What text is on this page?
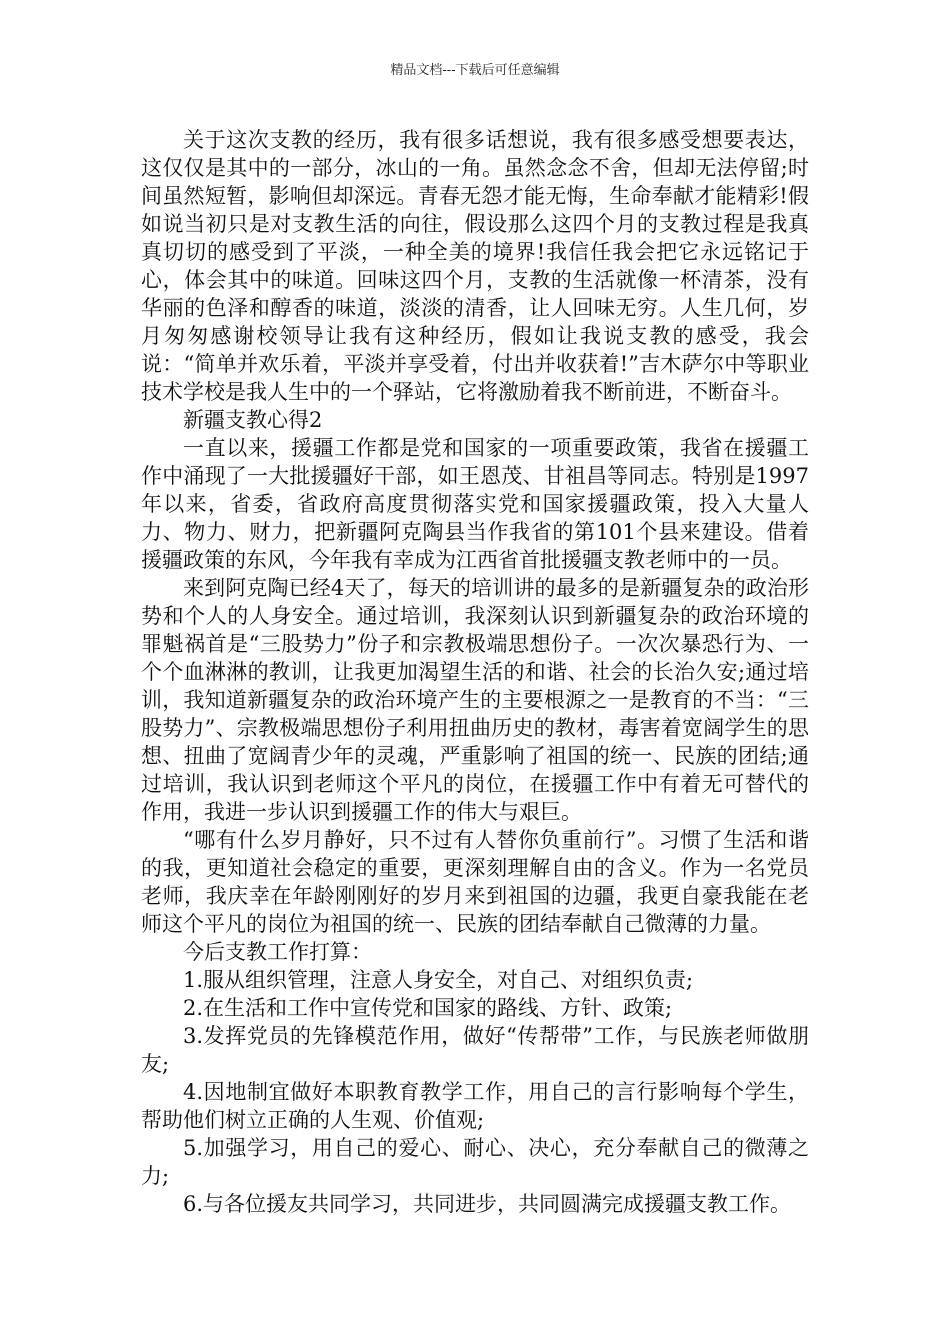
精品文档---下载后可任意编辑

关于这次支教的经历，我有很多话想说，我有很多感受想要表达，这仅仅是其中的一部分，冰山的一角。虽然念念不舍，但却无法停留;时间虽然短暂，影响但却深远。青春无怨才能无悔，生命奉献才能精彩!假如说当初只是对支教生活的向往，假设那么这四个月的支教过程是我真真切切的感受到了平淡，一种全美的境界!我信任我会把它永远铭记于心，体会其中的味道。回味这四个月，支教的生活就像一杯清茶，没有华丽的色泽和醇香的味道，淡淡的清香，让人回味无穷。人生几何，岁月匆匆感谢校领导让我有这种经历，假如让我说支教的感受，我会说：“简单并欢乐着，平淡并享受着，付出并收获着!”吉木萨尔中等职业技术学校是我人生中的一个驿站，它将激励着我不断前进，不断奋斗。

新疆支教心得2

一直以来，援疆工作都是党和国家的一项重要政策，我省在援疆工作中涌现了一大批援疆好干部，如王恩茂、甘祖昌等同志。特别是1997年以来，省委，省政府高度贯彻落实党和国家援疆政策，投入大量人力、物力、财力，把新疆阿克陶县当作我省的第101个县来建设。借着援疆政策的东风，今年我有幸成为江西省首批援疆支教老师中的一员。

来到阿克陶已经4天了，每天的培训讲的最多的是新疆复杂的政治形势和个人的人身安全。通过培训，我深刻认识到新疆复杂的政治环境的罪魁祸首是“三股势力”份子和宗教极端思想份子。一次次暴恐行为、一个个血淋淋的教训，让我更加渴望生活的和谐、社会的长治久安;通过培训，我知道新疆复杂的政治环境产生的主要根源之一是教育的不当：“三股势力”、宗教极端思想份子利用扭曲历史的教材，毒害着宽阔学生的思想、扭曲了宽阔青少年的灵魂，严重影响了祖国的统一、民族的团结;通过培训，我认识到老师这个平凡的岗位，在援疆工作中有着无可替代的作用，我进一步认识到援疆工作的伟大与艰巨。

“哪有什么岁月静好，只不过有人替你负重前行”。习惯了生活和谐的我，更知道社会稳定的重要，更深刻理解自由的含义。作为一名党员老师，我庆幸在年龄刚刚好的岁月来到祖国的边疆，我更自豪我能在老师这个平凡的岗位为祖国的统一、民族的团结奉献自己微薄的力量。

今后支教工作打算：

1.服从组织管理，注意人身安全，对自己、对组织负责;

2.在生活和工作中宣传党和国家的路线、方针、政策;

3.发挥党员的先锋模范作用，做好“传帮带”工作，与民族老师做朋友;

4.因地制宜做好本职教育教学工作，用自己的言行影响每个学生，帮助他们树立正确的人生观、价值观;

5.加强学习，用自己的爱心、耐心、决心，充分奉献自己的微薄之力;

6.与各位援友共同学习，共同进步，共同圆满完成援疆支教工作。
